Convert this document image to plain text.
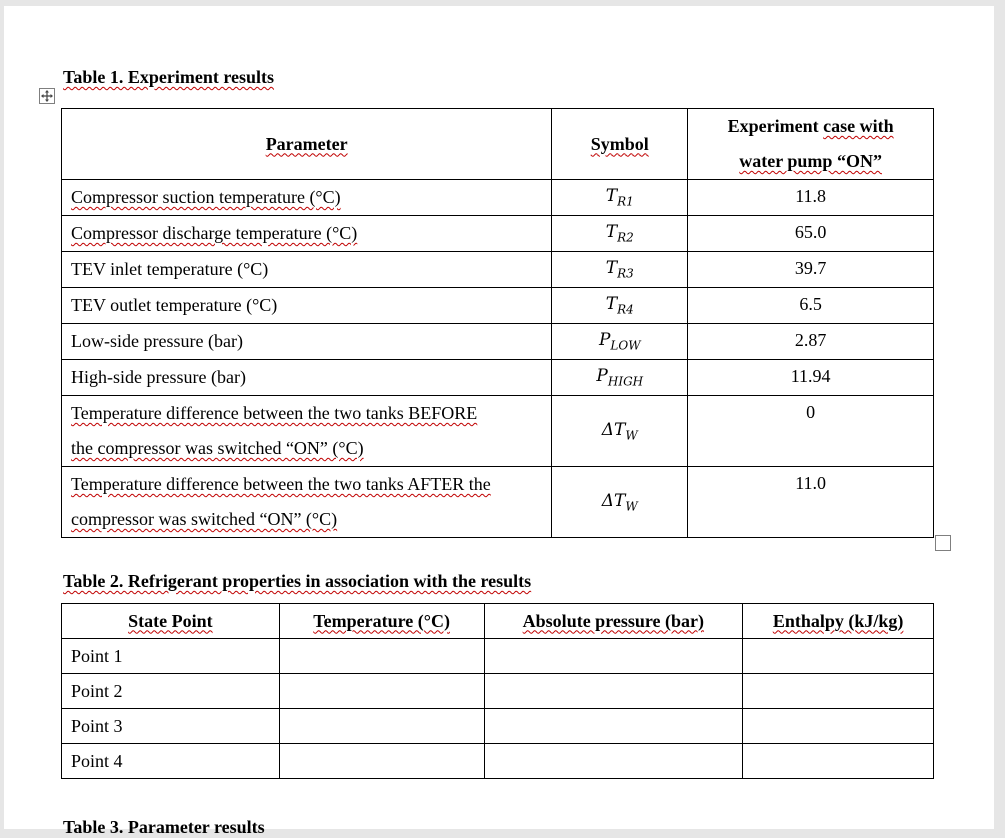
Table 1. Experiment results
Parameter	Symbol	Experiment case with
water pump “ON”
Compressor suction temperature (°C)	$T_{R1}$	11.8
Compressor discharge temperature (°C)	$T_{R2}$	65.0
TEV inlet temperature (°C)	$T_{R3}$	39.7
TEV outlet temperature (°C)	$T_{R4}$	6.5
Low-side pressure (bar)	$P_{LOW}$	2.87
High-side pressure (bar)	$P_{HIGH}$	11.94
Temperature difference between the two tanks BEFORE
the compressor was switched “ON” (°C)	$\Delta T_W$	0
Temperature difference between the two tanks AFTER the
compressor was switched “ON” (°C)	$\Delta T_W$	11.0
Table 2. Refrigerant properties in association with the results
State Point	Temperature (°C)	Absolute pressure (bar)	Enthalpy (kJ/kg)
Point 1			
Point 2			
Point 3			
Point 4			
Table 3. Parameter results
